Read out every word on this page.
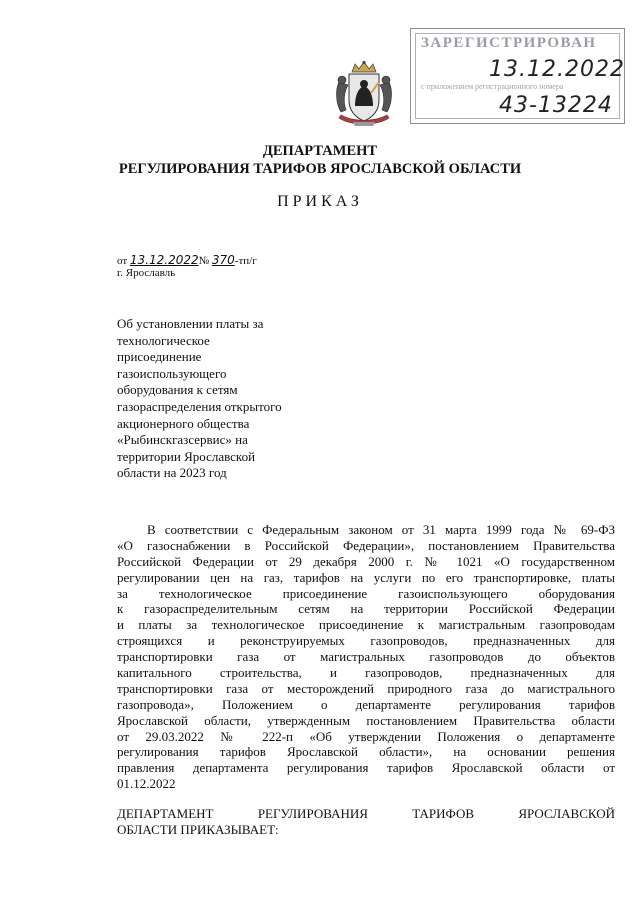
ЗАРЕГИСТРИРОВАН
13.12.2022
с приложением регистрационного номера
43-13224
ДЕПАРТАМЕНТ
РЕГУЛИРОВАНИЯ ТАРИФОВ ЯРОСЛАВСКОЙ ОБЛАСТИ
ПРИКАЗ
от 13.12.2022№ 370-тп/г
г. Ярославль
Об установлении платы за
технологическое
присоединение
газоиспользующего
оборудования к сетям
газораспределения открытого
акционерного общества
«Рыбинскгазсервис» на
территории Ярославской
области на 2023 год
В соответствии с Федеральным законом от 31 марта 1999 года № 69-ФЗ
«О газоснабжении в Российской Федерации», постановлением Правительства
Российской Федерации от 29 декабря 2000 г. № 1021 «О государственном
регулировании цен на газ, тарифов на услуги по его транспортировке, платы
за технологическое присоединение газоиспользующего оборудования
к газораспределительным сетям на территории Российской Федерации
и платы за технологическое присоединение к магистральным газопроводам
строящихся и реконструируемых газопроводов, предназначенных для
транспортировки газа от магистральных газопроводов до объектов
капитального строительства, и газопроводов, предназначенных для
транспортировки газа от месторождений природного газа до магистрального
газопровода», Положением о департаменте регулирования тарифов
Ярославской области, утвержденным постановлением Правительства области
от 29.03.2022 № 222-п «Об утверждении Положения о департаменте
регулирования тарифов Ярославской области», на основании решения
правления департамента регулирования тарифов Ярославской области от
01.12.2022
ДЕПАРТАМЕНТ РЕГУЛИРОВАНИЯ ТАРИФОВ ЯРОСЛАВСКОЙ
ОБЛАСТИ ПРИКАЗЫВАЕТ:
